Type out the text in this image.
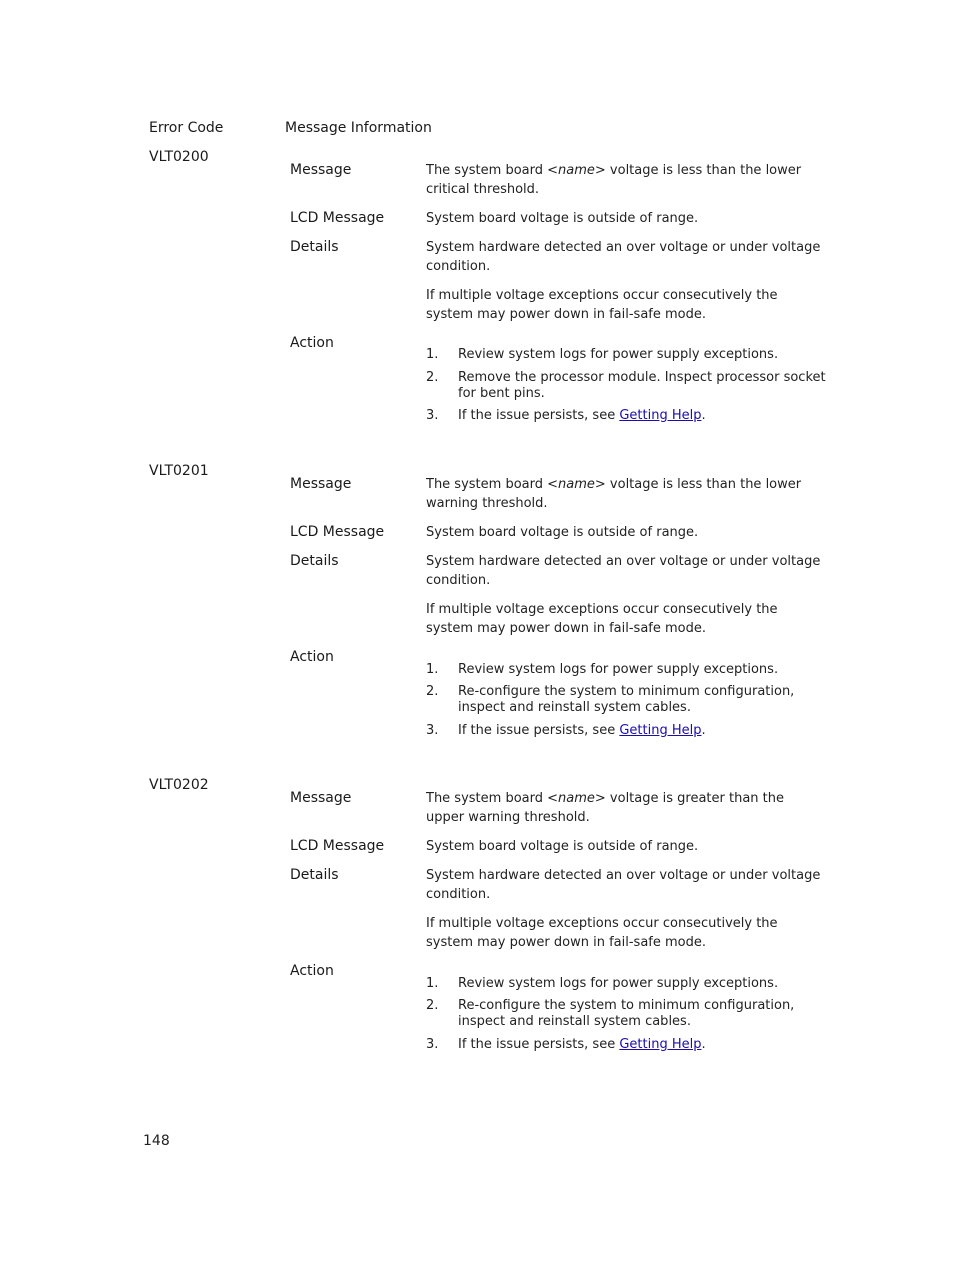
Error Code	Message Information
VLT0200
Message	The system board <name> voltage is less than the lower critical threshold.
LCD Message	System board voltage is outside of range.
Details	System hardware detected an over voltage or under voltage condition.
If multiple voltage exceptions occur consecutively the system may power down in fail-safe mode.
Action
1. Review system logs for power supply exceptions.
2. Remove the processor module. Inspect processor socket for bent pins.
3. If the issue persists, see Getting Help.
VLT0201
Message	The system board <name> voltage is less than the lower warning threshold.
LCD Message	System board voltage is outside of range.
Details	System hardware detected an over voltage or under voltage condition.
If multiple voltage exceptions occur consecutively the system may power down in fail-safe mode.
Action
1. Review system logs for power supply exceptions.
2. Re-configure the system to minimum configuration, inspect and reinstall system cables.
3. If the issue persists, see Getting Help.
VLT0202
Message	The system board <name> voltage is greater than the upper warning threshold.
LCD Message	System board voltage is outside of range.
Details	System hardware detected an over voltage or under voltage condition.
If multiple voltage exceptions occur consecutively the system may power down in fail-safe mode.
Action
1. Review system logs for power supply exceptions.
2. Re-configure the system to minimum configuration, inspect and reinstall system cables.
3. If the issue persists, see Getting Help.
148
